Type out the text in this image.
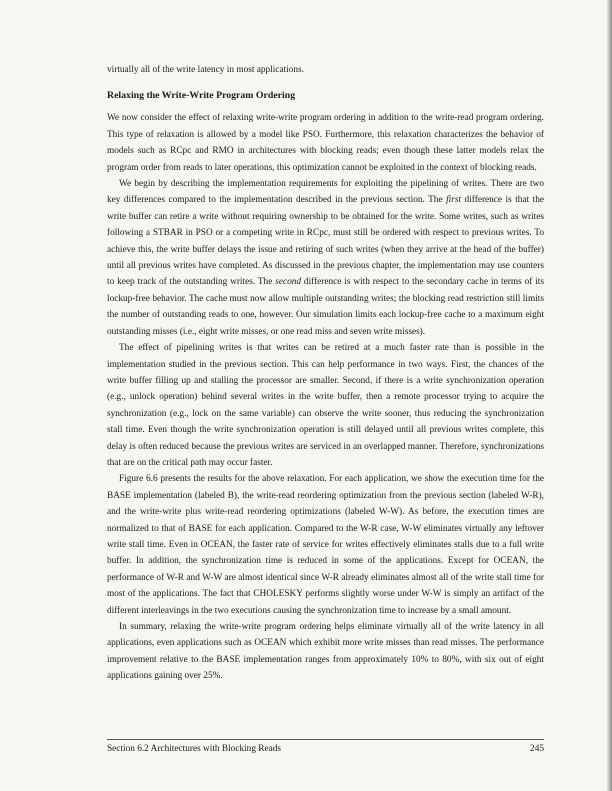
virtually all of the write latency in most applications.

Relaxing the Write-Write Program Ordering

We now consider the effect of relaxing write-write program ordering in addition to the write-read program ordering. This type of relaxation is allowed by a model like PSO. Furthermore, this relaxation characterizes the behavior of models such as RCpc and RMO in architectures with blocking reads; even though these latter models relax the program order from reads to later operations, this optimization cannot be exploited in the context of blocking reads.

We begin by describing the implementation requirements for exploiting the pipelining of writes. There are two key differences compared to the implementation described in the previous section. The first difference is that the write buffer can retire a write without requiring ownership to be obtained for the write. Some writes, such as writes following a STBAR in PSO or a competing write in RCpc, must still be ordered with respect to previous writes. To achieve this, the write buffer delays the issue and retiring of such writes (when they arrive at the head of the buffer) until all previous writes have completed. As discussed in the previous chapter, the implementation may use counters to keep track of the outstanding writes. The second difference is with respect to the secondary cache in terms of its lockup-free behavior. The cache must now allow multiple outstanding writes; the blocking read restriction still limits the number of outstanding reads to one, however. Our simulation limits each lockup-free cache to a maximum eight outstanding misses (i.e., eight write misses, or one read miss and seven write misses).

The effect of pipelining writes is that writes can be retired at a much faster rate than is possible in the implementation studied in the previous section. This can help performance in two ways. First, the chances of the write buffer filling up and stalling the processor are smaller. Second, if there is a write synchronization operation (e.g., unlock operation) behind several writes in the write buffer, then a remote processor trying to acquire the synchronization (e.g., lock on the same variable) can observe the write sooner, thus reducing the synchronization stall time. Even though the write synchronization operation is still delayed until all previous writes complete, this delay is often reduced because the previous writes are serviced in an overlapped manner. Therefore, synchronizations that are on the critical path may occur faster.

Figure 6.6 presents the results for the above relaxation. For each application, we show the execution time for the BASE implementation (labeled B), the write-read reordering optimization from the previous section (labeled W-R), and the write-write plus write-read reordering optimizations (labeled W-W). As before, the execution times are normalized to that of BASE for each application. Compared to the W-R case, W-W eliminates virtually any leftover write stall time. Even in OCEAN, the faster rate of service for writes effectively eliminates stalls due to a full write buffer. In addition, the synchronization time is reduced in some of the applications. Except for OCEAN, the performance of W-R and W-W are almost identical since W-R already eliminates almost all of the write stall time for most of the applications. The fact that CHOLESKY performs slightly worse under W-W is simply an artifact of the different interleavings in the two executions causing the synchronization time to increase by a small amount.

In summary, relaxing the write-write program ordering helps eliminate virtually all of the write latency in all applications, even applications such as OCEAN which exhibit more write misses than read misses. The performance improvement relative to the BASE implementation ranges from approximately 10% to 80%, with six out of eight applications gaining over 25%.

Section 6.2 Architectures with Blocking Reads	245
